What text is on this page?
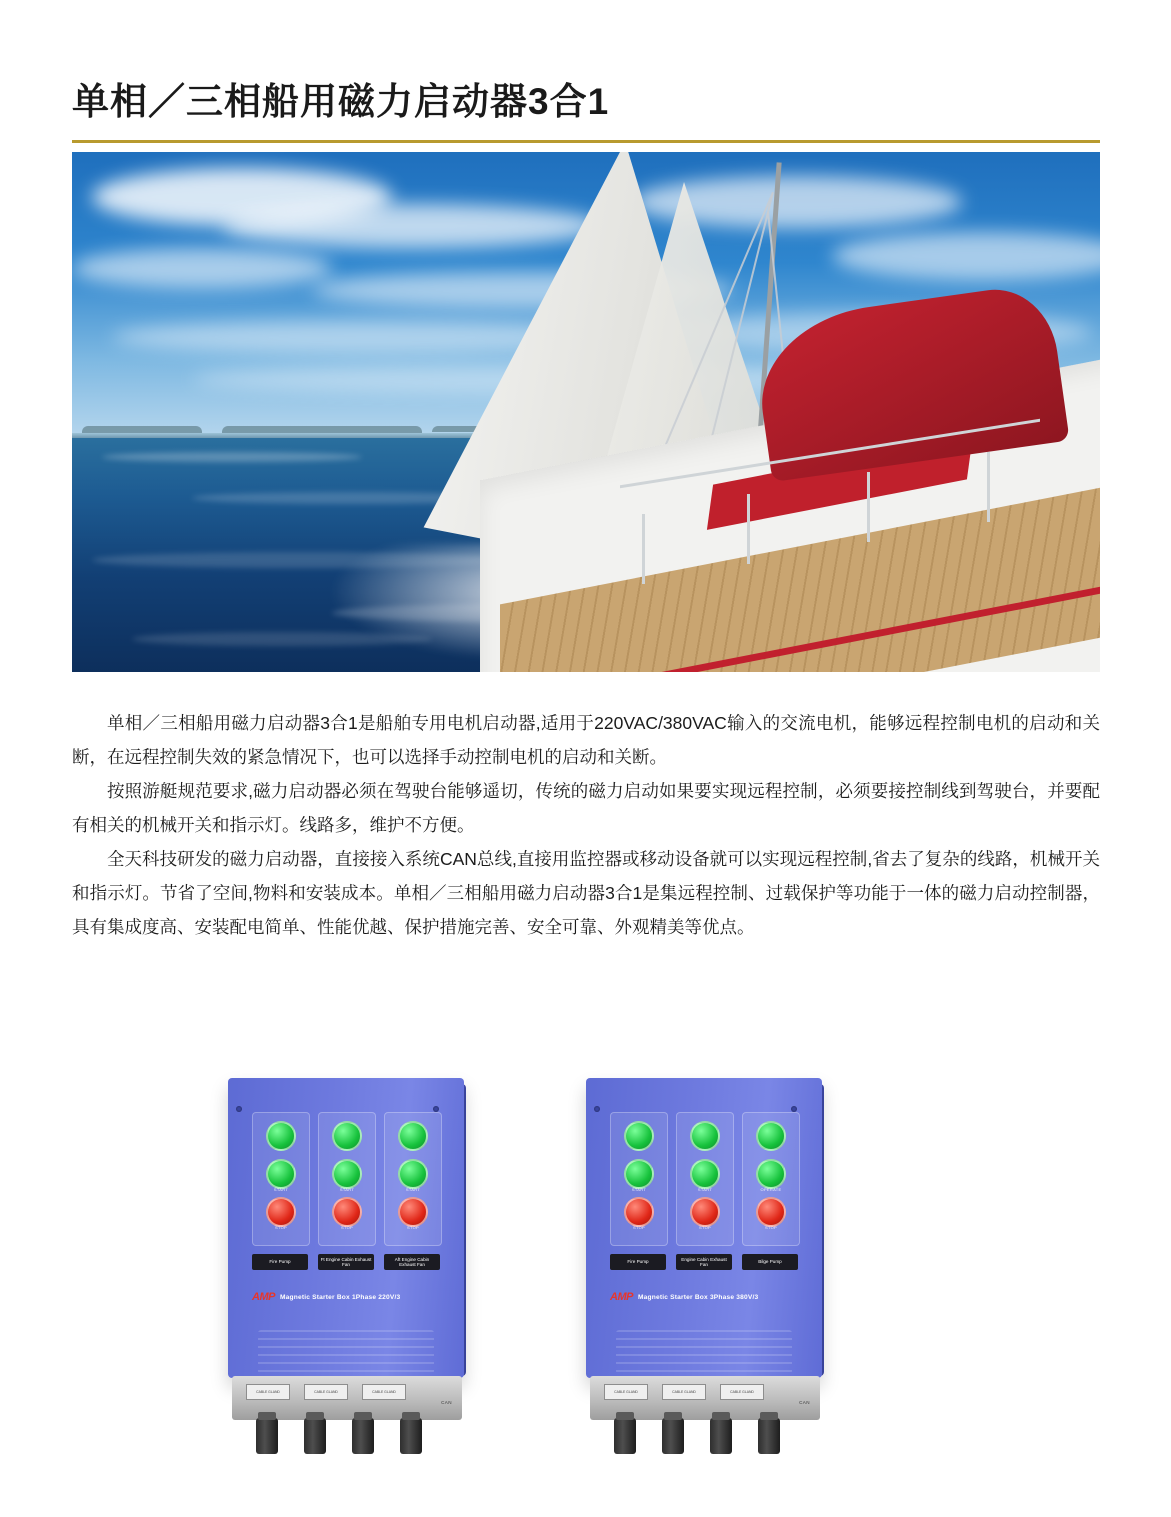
单相／三相船用磁力启动器3合1

单相／三相船用磁力启动器3合1是船舶专用电机启动器,适用于220VAC/380VAC输入的交流电机，能够远程控制电机的启动和关断，在远程控制失效的紧急情况下，也可以选择手动控制电机的启动和关断。

按照游艇规范要求,磁力启动器必须在驾驶台能够遥切，传统的磁力启动如果要实现远程控制，必须要接控制线到驾驶台，并要配有相关的机械开关和指示灯。线路多，维护不方便。

全天科技研发的磁力启动器，直接接入系统CAN总线,直接用监控器或移动设备就可以实现远程控制,省去了复杂的线路，机械开关和指示灯。节省了空间,物料和安装成本。单相／三相船用磁力启动器3合1是集远程控制、过载保护等功能于一体的磁力启动控制器，具有集成度高、安装配电简单、性能优越、保护措施完善、安全可靠、外观精美等优点。

START
STOP
START
STOP
START
STOP
Fire Pump
Ft Engine Cabin Exhaust Fan
Aft Engine Cabin Exhaust Fan
AMP Magnetic Starter Box 1Phase 220V/3
CABLE GLAND	CABLE GLAND	CABLE GLAND
CAN
START
STOP
START
STOP
OPERATE
STOP
Fire Pump
Engine Cabin Exhaust Fan
Bilge Pump
AMP Magnetic Starter Box 3Phase 380V/3
CABLE GLAND	CABLE GLAND	CABLE GLAND
CAN
